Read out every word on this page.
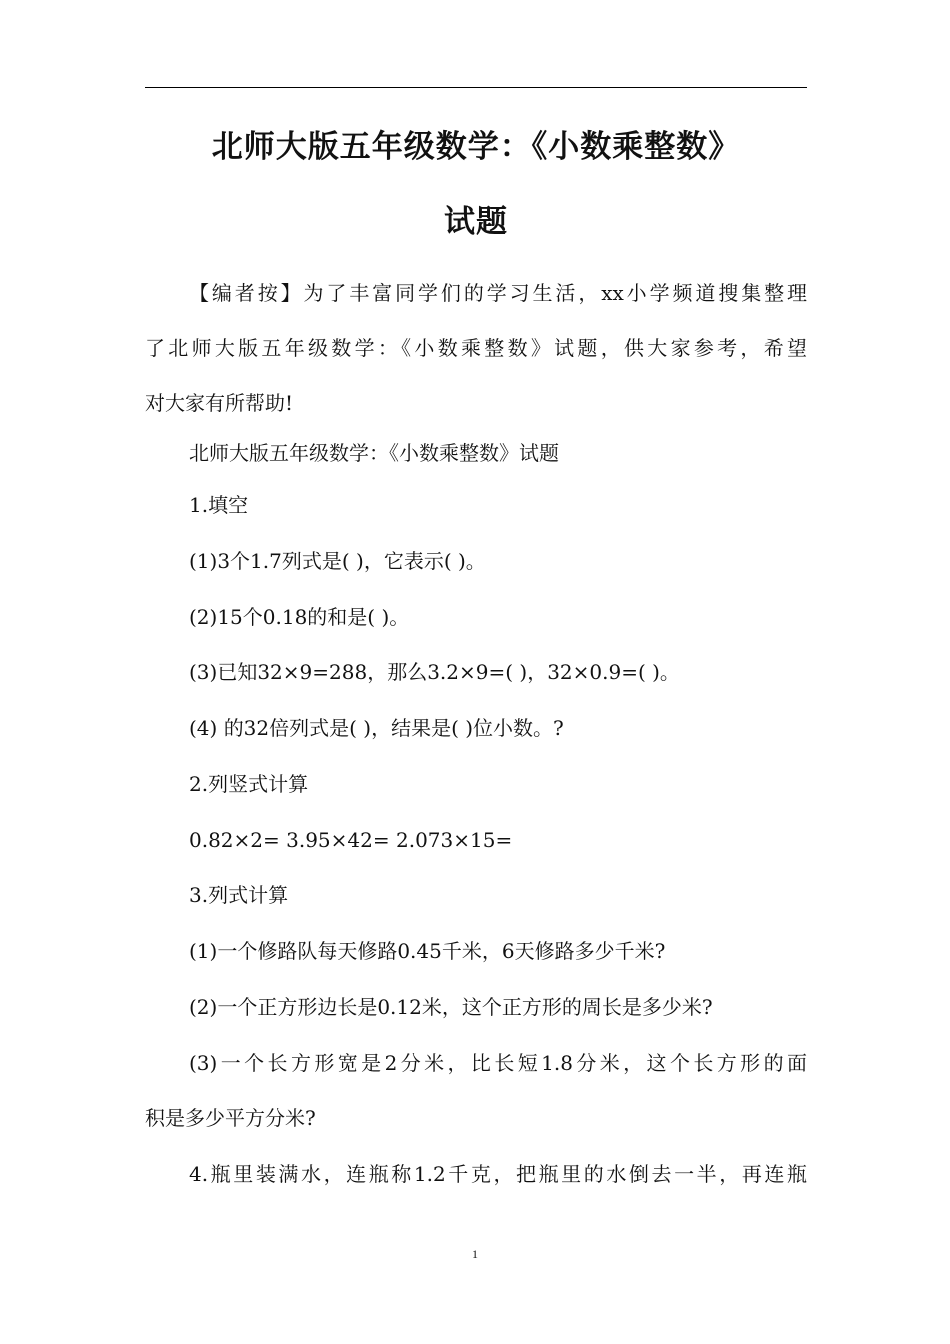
北师大版五年级数学：《小数乘整数》
试题
【编者按】为了丰富同学们的学习生活，xx小学频道搜集整理
了北师大版五年级数学：《小数乘整数》试题，供大家参考，希望
对大家有所帮助!
北师大版五年级数学：《小数乘整数》试题
1.填空
(1)3个1.7列式是( )，它表示( )。
(2)15个0.18的和是( )。
(3)已知32×9=288，那么3.2×9=( )，32×0.9=( )。
(4) 的32倍列式是( )，结果是( )位小数。?
2.列竖式计算
0.82×2= 3.95×42= 2.073×15=
3.列式计算
(1)一个修路队每天修路0.45千米，6天修路多少千米?
(2)一个正方形边长是0.12米，这个正方形的周长是多少米?
(3)一个长方形宽是2分米，比长短1.8分米，这个长方形的面
积是多少平方分米?
4.瓶里装满水，连瓶称1.2千克，把瓶里的水倒去一半，再连瓶
1
